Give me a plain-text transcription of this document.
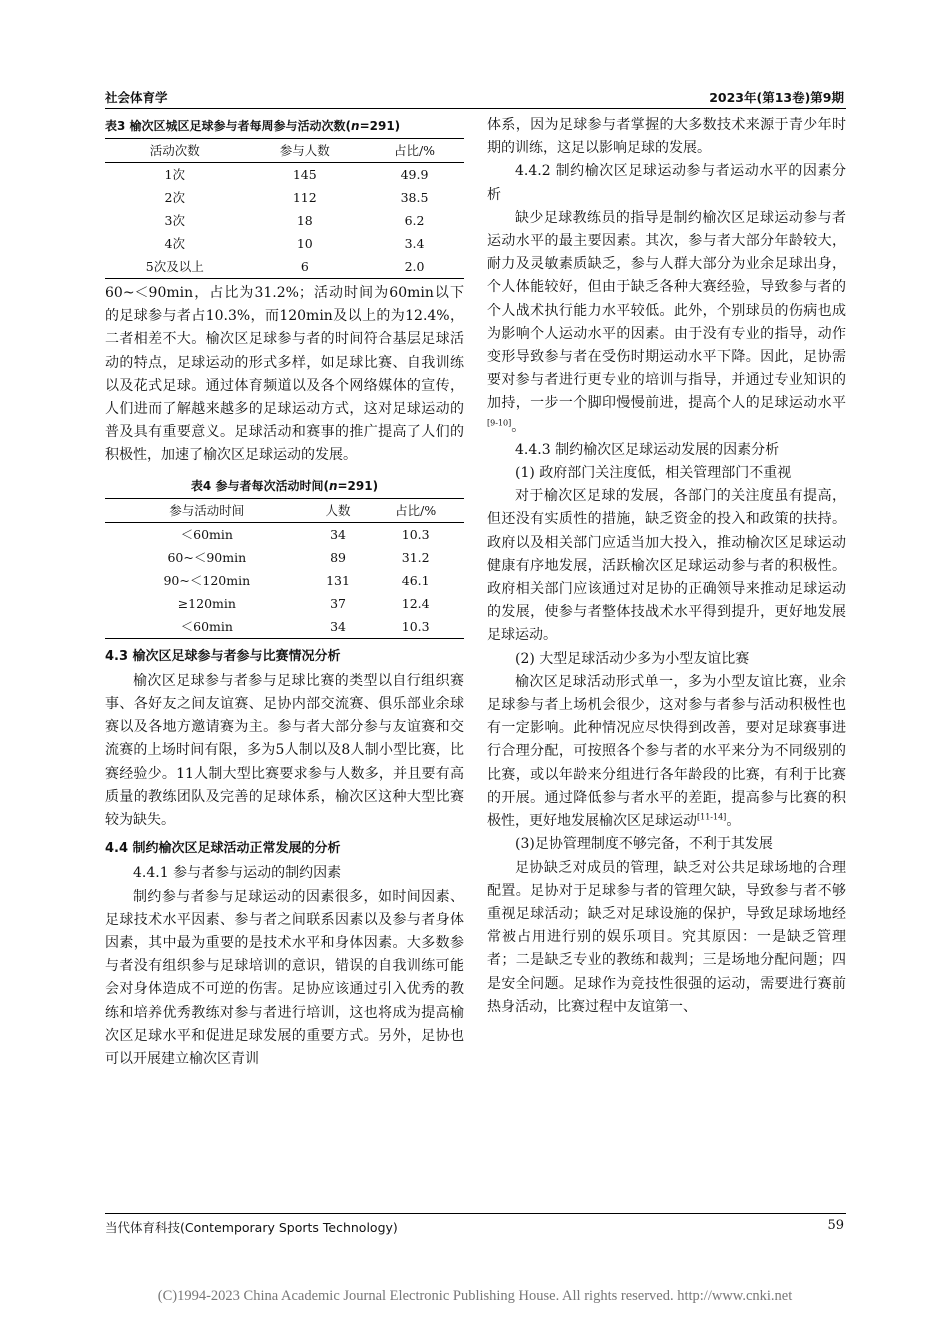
社会体育学	2023年(第13卷)第9期
表3 榆次区城区足球参与者每周参与活动次数(n=291)
活动次数	参与人数	占比/%
1次	145	49.9
2次	112	38.5
3次	18	6.2
4次	10	3.4
5次及以上	6	2.0

60~＜90min，占比为31.2%；活动时间为60min以下的足球参与者占10.3%，而120min及以上的为12.4%，二者相差不大。榆次区足球参与者的时间符合基层足球活动的特点，足球运动的形式多样，如足球比赛、自我训练以及花式足球。通过体育频道以及各个网络媒体的宣传，人们进而了解越来越多的足球运动方式，这对足球运动的普及具有重要意义。足球活动和赛事的推广提高了人们的积极性，加速了榆次区足球运动的发展。

表4 参与者每次活动时间(n=291)
参与活动时间	人数	占比/%
＜60min	34	10.3
60~＜90min	89	31.2
90~＜120min	131	46.1
≥120min	37	12.4
＜60min	34	10.3
4.3 榆次区足球参与者参与比赛情况分析

榆次区足球参与者参与足球比赛的类型以自行组织赛事、各好友之间友谊赛、足协内部交流赛、俱乐部业余球赛以及各地方邀请赛为主。参与者大部分参与友谊赛和交流赛的上场时间有限，多为5人制以及8人制小型比赛，比赛经验少。11人制大型比赛要求参与人数多，并且要有高质量的教练团队及完善的足球体系，榆次区这种大型比赛较为缺失。

4.4 制约榆次区足球活动正常发展的分析

4.4.1 参与者参与运动的制约因素

制约参与者参与足球运动的因素很多，如时间因素、足球技术水平因素、参与者之间联系因素以及参与者身体因素，其中最为重要的是技术水平和身体因素。大多数参与者没有组织参与足球培训的意识，错误的自我训练可能会对身体造成不可逆的伤害。足协应该通过引入优秀的教练和培养优秀教练对参与者进行培训，这也将成为提高榆次区足球水平和促进足球发展的重要方式。另外，足协也可以开展建立榆次区青训

体系，因为足球参与者掌握的大多数技术来源于青少年时期的训练，这足以影响足球的发展。

4.4.2 制约榆次区足球运动参与者运动水平的因素分析

缺少足球教练员的指导是制约榆次区足球运动参与者运动水平的最主要因素。其次，参与者大部分年龄较大，耐力及灵敏素质缺乏，参与人群大部分为业余足球出身，个人体能较好，但由于缺乏各种大赛经验，导致参与者的个人战术执行能力水平较低。此外，个别球员的伤病也成为影响个人运动水平的因素。由于没有专业的指导，动作变形导致参与者在受伤时期运动水平下降。因此，足协需要对参与者进行更专业的培训与指导，并通过专业知识的加持，一步一个脚印慢慢前进，提高个人的足球运动水平[9-10]。

4.4.3 制约榆次区足球运动发展的因素分析

(1) 政府部门关注度低，相关管理部门不重视

对于榆次区足球的发展，各部门的关注度虽有提高，但还没有实质性的措施，缺乏资金的投入和政策的扶持。政府以及相关部门应适当加大投入，推动榆次区足球运动健康有序地发展，活跃榆次区足球运动参与者的积极性。政府相关部门应该通过对足协的正确领导来推动足球运动的发展，使参与者整体技战术水平得到提升，更好地发展足球运动。

(2) 大型足球活动少多为小型友谊比赛

榆次区足球活动形式单一，多为小型友谊比赛，业余足球参与者上场机会很少，这对参与者参与活动积极性也有一定影响。此种情况应尽快得到改善，要对足球赛事进行合理分配，可按照各个参与者的水平来分为不同级别的比赛，或以年龄来分组进行各年龄段的比赛，有利于比赛的开展。通过降低参与者水平的差距，提高参与比赛的积极性，更好地发展榆次区足球运动[11-14]。

(3)足协管理制度不够完备，不利于其发展

足协缺乏对成员的管理，缺乏对公共足球场地的合理配置。足协对于足球参与者的管理欠缺，导致参与者不够重视足球活动；缺乏对足球设施的保护，导致足球场地经常被占用进行别的娱乐项目。究其原因：一是缺乏管理者；二是缺乏专业的教练和裁判；三是场地分配问题；四是安全问题。足球作为竞技性很强的运动，需要进行赛前热身活动，比赛过程中友谊第一、

当代体育科技(Contemporary Sports Technology)	59
(C)1994-2023 China Academic Journal Electronic Publishing House. All rights reserved. http://www.cnki.net
